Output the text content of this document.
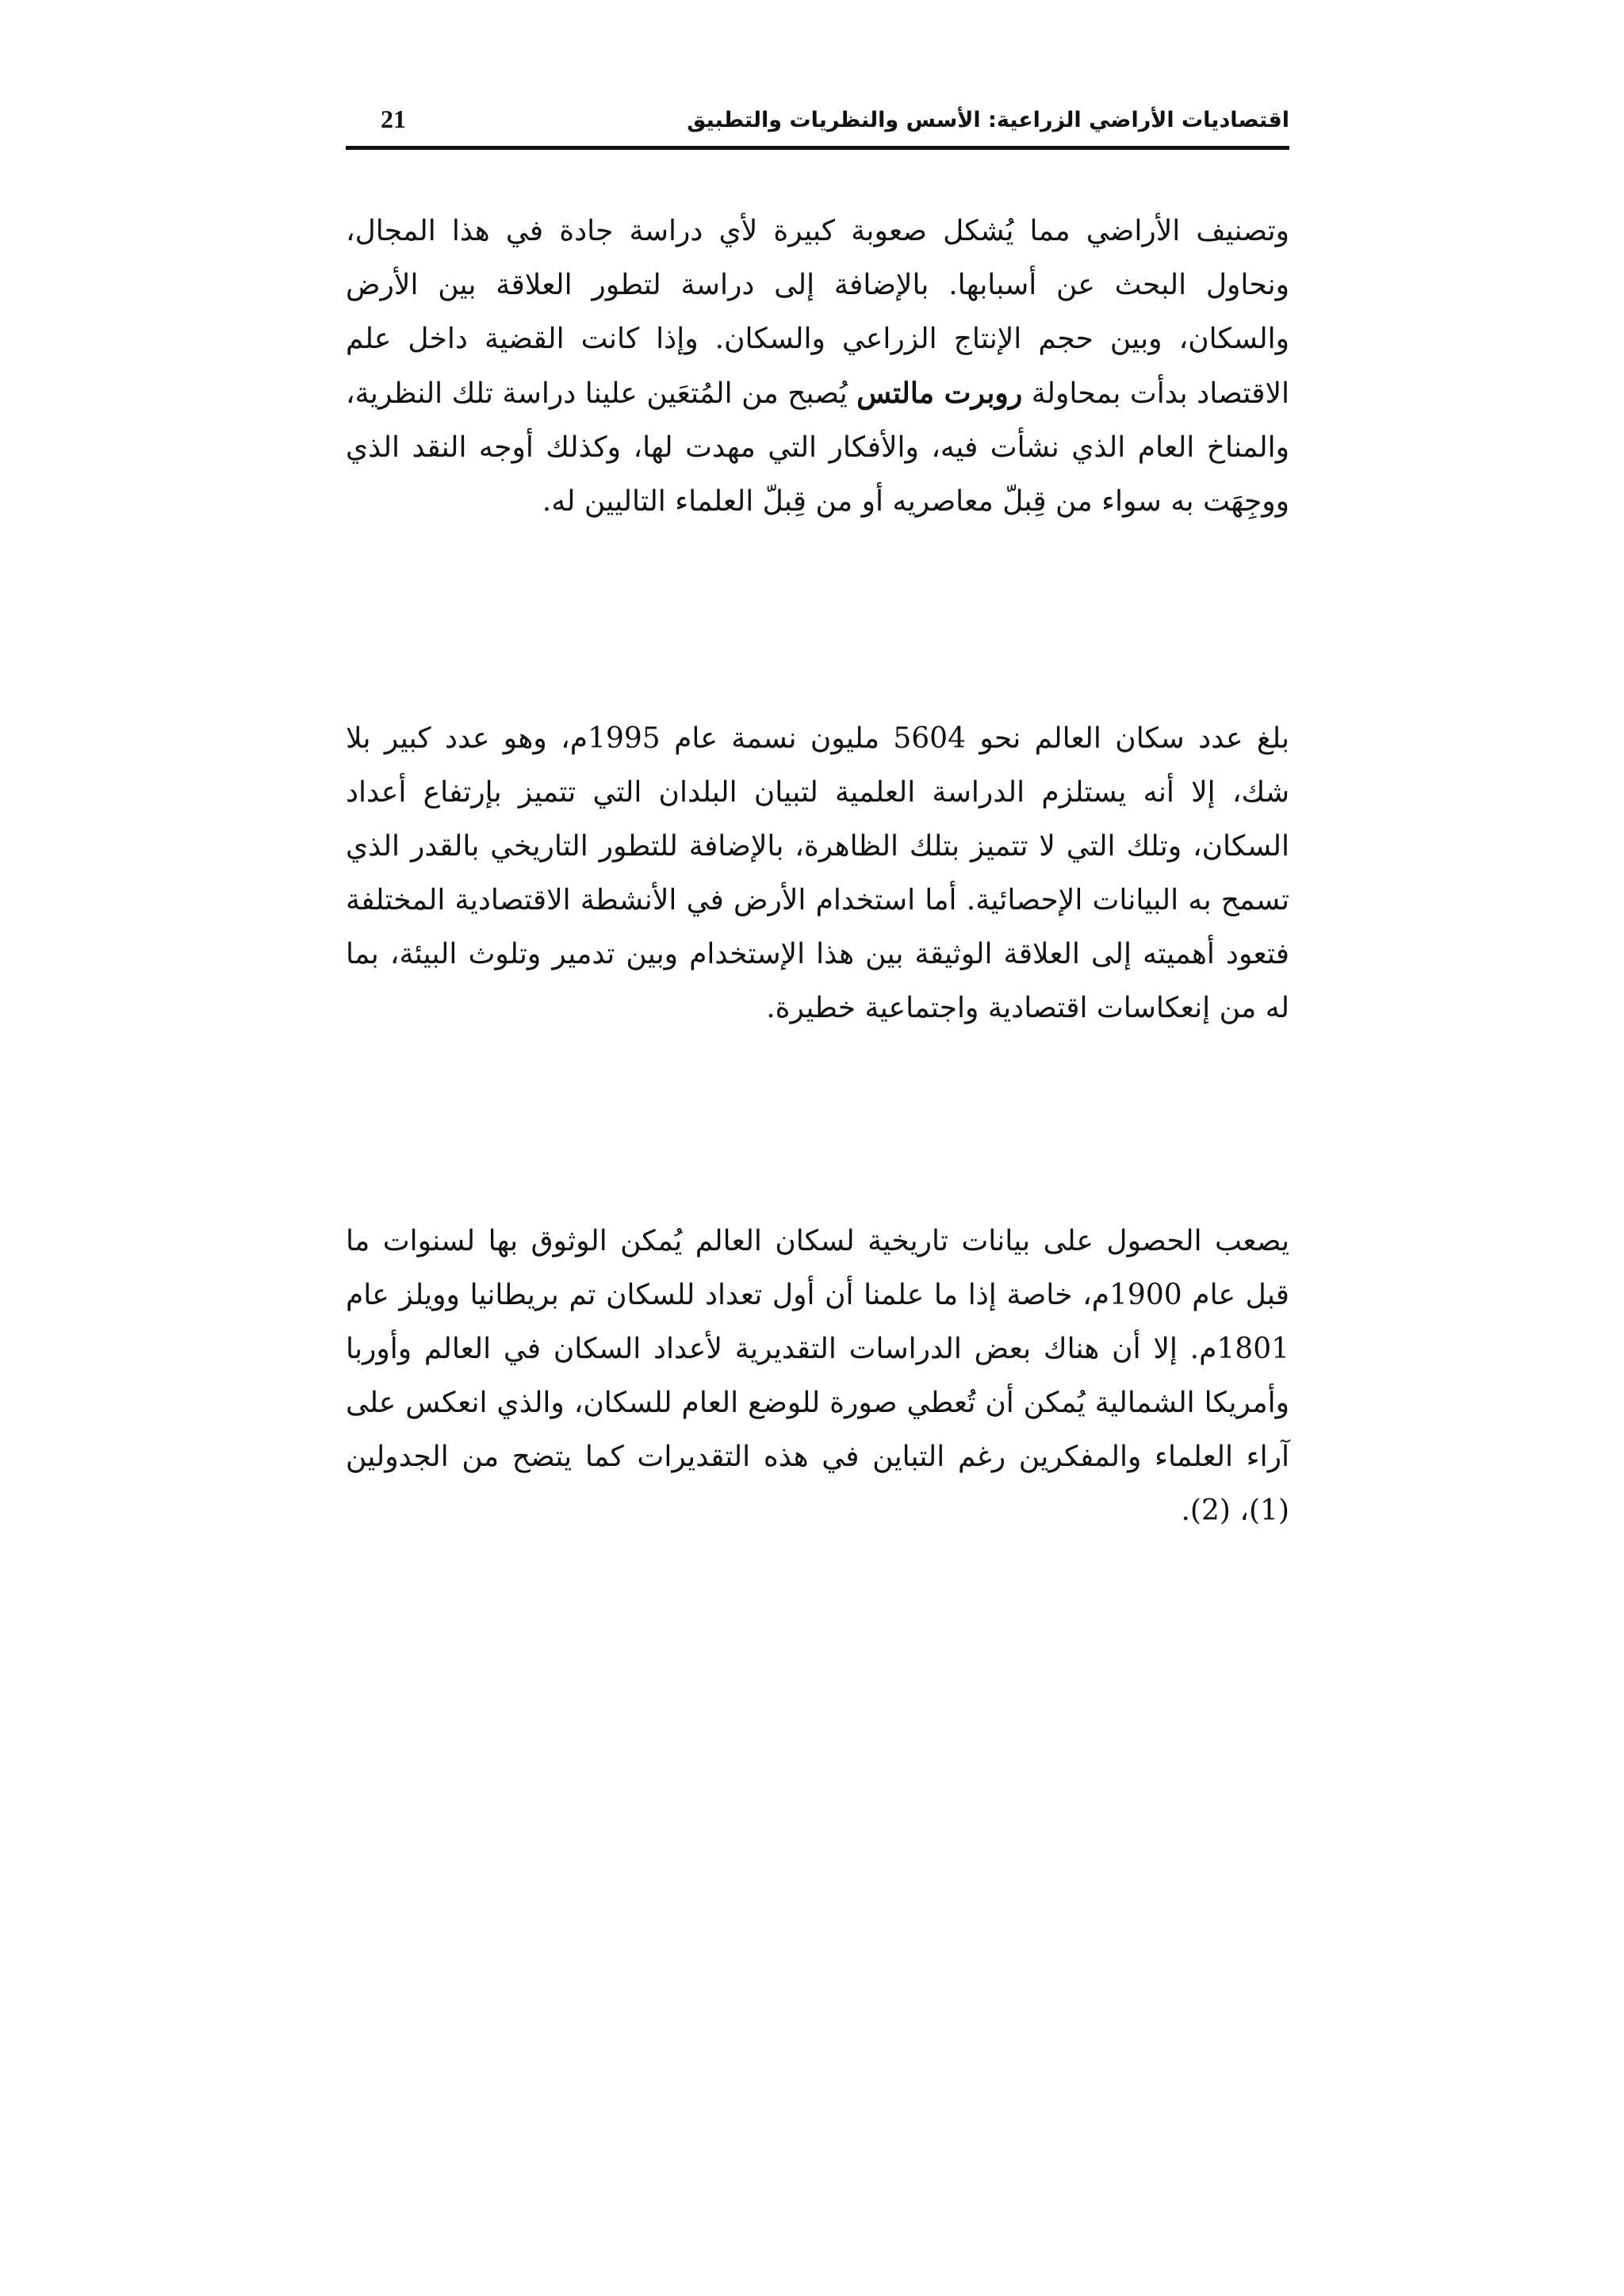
اقتصاديات الأراضي الزراعية: الأسس والنظريات والتطبيق
21

وتصنيف الأراضي مما يُشكل صعوبة كبيرة لأي دراسة جادة في هذا المجال، ونحاول البحث عن أسبابها. بالإضافة إلى دراسة لتطور العلاقة بين الأرض والسكان، وبين حجم الإنتاج الزراعي والسكان. وإذا كانت القضية داخل علم الاقتصاد بدأت بمحاولة روبرت مالتس يُصبح من المُتعَين علينا دراسة تلك النظرية، والمناخ العام الذي نشأت فيه، والأفكار التي مهدت لها، وكذلك أوجه النقد الذي ووجِهَت به سواء من قِبلّ معاصريه أو من قِبلّ العلماء التاليين له.

بلغ عدد سكان العالم نحو 5604 مليون نسمة عام 1995م، وهو عدد كبير بلا شك، إلا أنه يستلزم الدراسة العلمية لتبيان البلدان التي تتميز بإرتفاع أعداد السكان، وتلك التي لا تتميز بتلك الظاهرة، بالإضافة للتطور التاريخي بالقدر الذي تسمح به البيانات الإحصائية. أما استخدام الأرض في الأنشطة الاقتصادية المختلفة فتعود أهميته إلى العلاقة الوثيقة بين هذا الإستخدام وبين تدمير وتلوث البيئة، بما له من إنعكاسات اقتصادية واجتماعية خطيرة.

يصعب الحصول على بيانات تاريخية لسكان العالم يُمكن الوثوق بها لسنوات ما قبل عام 1900م، خاصة إذا ما علمنا أن أول تعداد للسكان تم بريطانيا وويلز عام 1801م. إلا أن هناك بعض الدراسات التقديرية لأعداد السكان في العالم وأوربا وأمريكا الشمالية يُمكن أن تُعطي صورة للوضع العام للسكان، والذي انعكس على آراء العلماء والمفكرين رغم التباين في هذه التقديرات كما يتضح من الجدولين (1)، (2).
